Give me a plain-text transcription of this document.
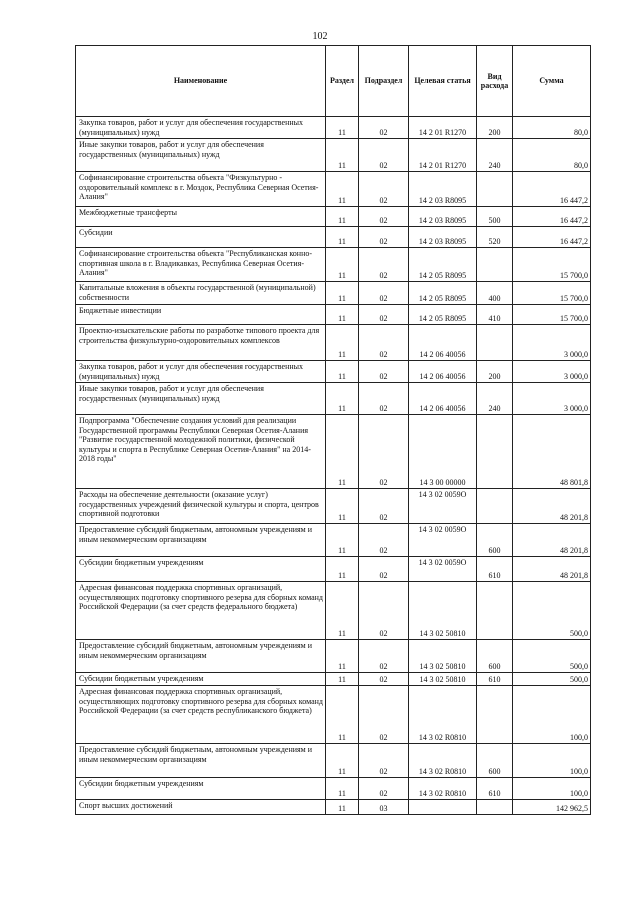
102
Наименование	Раздел	Подраздел	Целевая статья	Вид расхода	Сумма
Закупка товаров, работ и услуг для обеспечения государственных (муниципальных) нужд	11	02	14 2 01 R1270	200	80,0
Иные закупки товаров, работ и услуг для обеспечения государственных (муниципальных) нужд	11	02	14 2 01 R1270	240	80,0
Софинансирование строительства объекта "Физкультурно - оздоровительный комплекс в г. Моздок, Республика Северная Осетия-Алания"	11	02	14 2 03 R8095		16 447,2
Межбюджетные трансферты	11	02	14 2 03 R8095	500	16 447,2
Субсидии	11	02	14 2 03 R8095	520	16 447,2
Софинансирование строительства объекта "Республиканская конно-спортивная школа в г. Владикавказ, Республика Северная Осетия-Алания"	11	02	14 2 05 R8095		15 700,0
Капитальные вложения в объекты государственной (муниципальной) собственности	11	02	14 2 05 R8095	400	15 700,0
Бюджетные инвестиции	11	02	14 2 05 R8095	410	15 700,0
Проектно-изыскательские работы по разработке типового проекта для строительства физкультурно-оздоровительных комплексов	11	02	14 2 06 40056		3 000,0
Закупка товаров, работ и услуг для обеспечения государственных (муниципальных) нужд	11	02	14 2 06 40056	200	3 000,0
Иные закупки товаров, работ и услуг для обеспечения государственных (муниципальных) нужд	11	02	14 2 06 40056	240	3 000,0
Подпрограмма "Обеспечение создания условий для реализации Государственной программы Республики Северная Осетия-Алания "Развитие государственной молодежной политики, физической культуры и спорта в Республике Северная Осетия-Алания" на 2014-2018 годы"	11	02	14 3 00 00000		48 801,8
Расходы на обеспечение деятельности (оказание услуг) государственных учреждений физической культуры и спорта, центров спортивной подготовки	11	02	14 3 02 0059О		48 201,8
Предоставление субсидий бюджетным, автономным учреждениям и иным некоммерческим организациям	11	02	14 3 02 0059О	600	48 201,8
Субсидии бюджетным учреждениям	11	02	14 3 02 0059О	610	48 201,8
Адресная финансовая поддержка спортивных организаций, осуществляющих подготовку спортивного резерва для сборных команд Российской Федерации (за счет средств федерального бюджета)	11	02	14 3 02 50810		500,0
Предоставление субсидий бюджетным, автономным учреждениям и иным некоммерческим организациям	11	02	14 3 02 50810	600	500,0
Субсидии бюджетным учреждениям	11	02	14 3 02 50810	610	500,0
Адресная финансовая поддержка спортивных организаций, осуществляющих подготовку спортивного резерва для сборных команд Российской Федерации (за счет средств республиканского бюджета)	11	02	14 3 02 R0810		100,0
Предоставление субсидий бюджетным, автономным учреждениям и иным некоммерческим организациям	11	02	14 3 02 R0810	600	100,0
Субсидии бюджетным учреждениям	11	02	14 3 02 R0810	610	100,0
Спорт высших достижений	11	03			142 962,5
